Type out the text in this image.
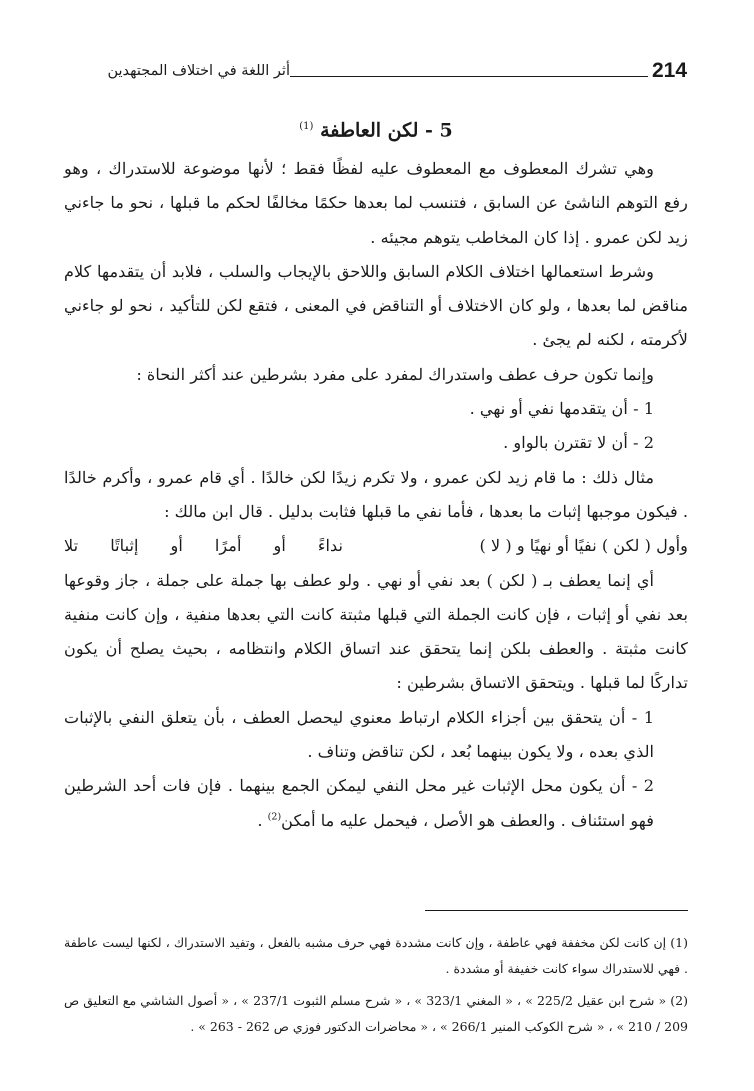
214
أثر اللغة في اختلاف المجتهدين
5 - لكن العاطفة $^{(1)}$

وهي تشرك المعطوف مع المعطوف عليه لفظًا فقط ؛ لأنها موضوعة للاستدراك ، وهو رفع التوهم الناشئ عن السابق ، فتنسب لما بعدها حكمًا مخالفًا لحكم ما قبلها ، نحو ما جاءني زيد لكن عمرو . إذا كان المخاطب يتوهم مجيئه .

وشرط استعمالها اختلاف الكلام السابق واللاحق بالإيجاب والسلب ، فلابد أن يتقدمها كلام مناقض لما بعدها ، ولو كان الاختلاف أو التناقض في المعنى ، فتقع لكن للتأكيد ، نحو لو جاءني لأكرمته ، لكنه لم يجئ .

وإنما تكون حرف عطف واستدراك لمفرد على مفرد بشرطين عند أكثر النحاة :

1 - أن يتقدمها نفي أو نهي .

2 - أن لا تقترن بالواو .

مثال ذلك : ما قام زيد لكن عمرو ، ولا تكرم زيدًا لكن خالدًا . أي قام عمرو ، وأكرم خالدًا . فيكون موجبها إثبات ما بعدها ، فأما نفي ما قبلها فثابت بدليل . قال ابن مالك :

وأول ( لكن ) نفيًا أو نهيًا و ( لا )
نداءً أو أمرًا أو إثباتًا تلا

أي إنما يعطف بـ ( لكن ) بعد نفي أو نهي . ولو عطف بها جملة على جملة ، جاز وقوعها بعد نفي أو إثبات ، فإن كانت الجملة التي قبلها مثبتة كانت التي بعدها منفية ، وإن كانت منفية كانت مثبتة . والعطف بلكن إنما يتحقق عند اتساق الكلام وانتظامه ، بحيث يصلح أن يكون تداركًا لما قبلها . ويتحقق الاتساق بشرطين :

1 - أن يتحقق بين أجزاء الكلام ارتباط معنوي ليحصل العطف ، بأن يتعلق النفي بالإثبات الذي بعده ، ولا يكون بينهما بُعد ، لكن تناقض وتناف .

2 - أن يكون محل الإثبات غير محل النفي ليمكن الجمع بينهما . فإن فات أحد الشرطين فهو استئناف . والعطف هو الأصل ، فيحمل عليه ما أمكن$^{(2)}$ .

(1) إن كانت لكن مخففة فهي عاطفة ، وإن كانت مشددة فهي حرف مشبه بالفعل ، وتفيد الاستدراك ، لكنها ليست عاطفة . فهي للاستدراك سواء كانت خفيفة أو مشددة .

(2) « شرح ابن عقيل 225/2 » ، « المغني 323/1 » ، « شرح مسلم الثبوت 237/1 » ، « أصول الشاشي مع التعليق ص 209 / 210 » ، « شرح الكوكب المنير 266/1 » ، « محاضرات الدكتور فوزي ص 262 - 263 » .
